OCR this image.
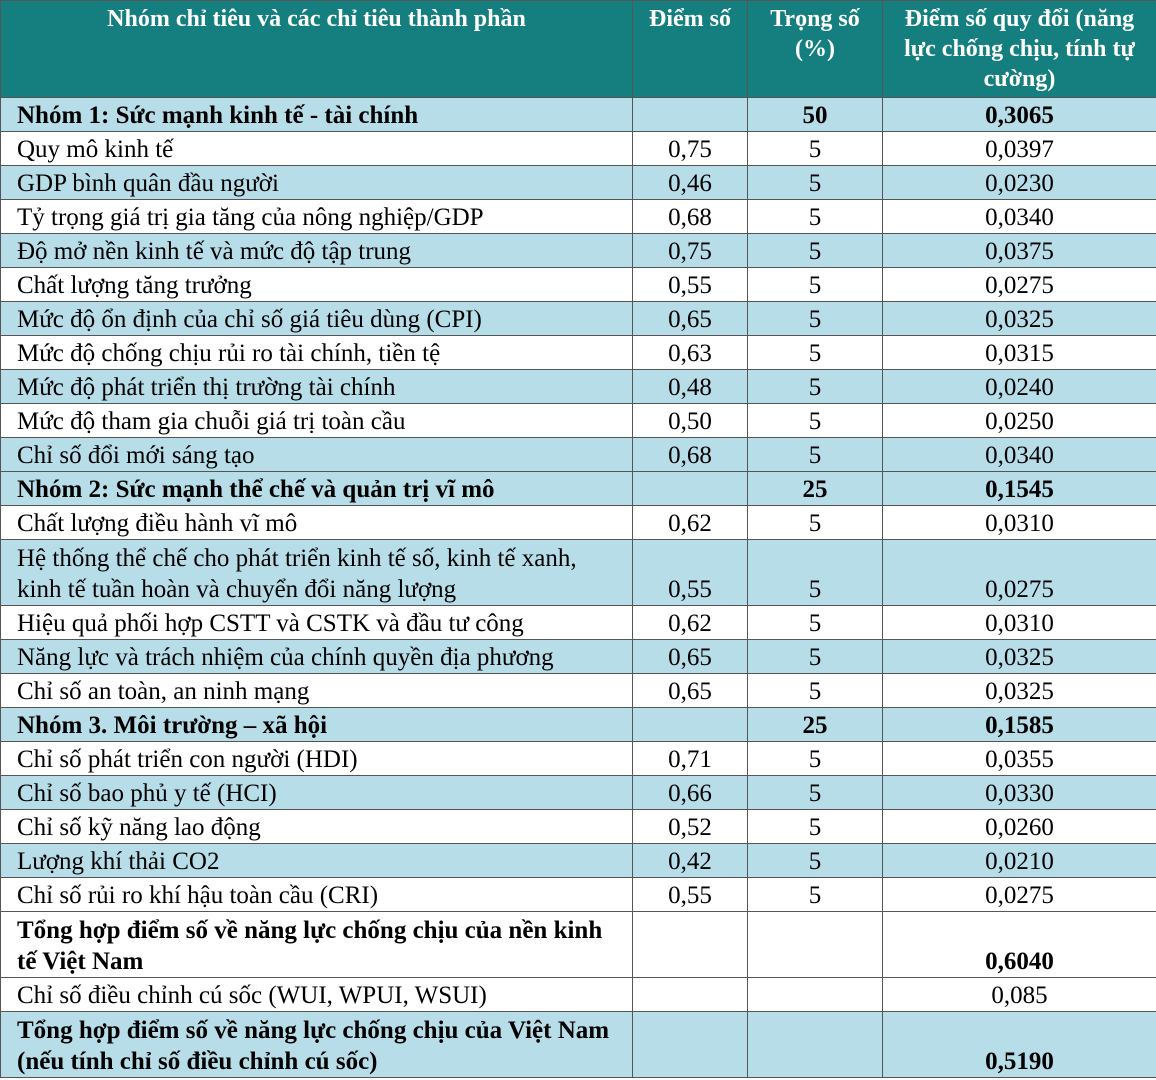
Nhóm chỉ tiêu và các chỉ tiêu thành phần	Điểm số	Trọng số (%)	Điểm số quy đổi (năng lực chống chịu, tính tự cường)
Nhóm 1: Sức mạnh kinh tế - tài chính		50	0,3065
Quy mô kinh tế	0,75	5	0,0397
GDP bình quân đầu người	0,46	5	0,0230
Tỷ trọng giá trị gia tăng của nông nghiệp/GDP	0,68	5	0,0340
Độ mở nền kinh tế và mức độ tập trung	0,75	5	0,0375
Chất lượng tăng trưởng	0,55	5	0,0275
Mức độ ổn định của chỉ số giá tiêu dùng (CPI)	0,65	5	0,0325
Mức độ chống chịu rủi ro tài chính, tiền tệ	0,63	5	0,0315
Mức độ phát triển thị trường tài chính	0,48	5	0,0240
Mức độ tham gia chuỗi giá trị toàn cầu	0,50	5	0,0250
Chỉ số đổi mới sáng tạo	0,68	5	0,0340
Nhóm 2: Sức mạnh thể chế và quản trị vĩ mô		25	0,1545
Chất lượng điều hành vĩ mô	0,62	5	0,0310
Hệ thống thể chế cho phát triển kinh tế số, kinh tế xanh, kinh tế tuần hoàn và chuyển đổi năng lượng	0,55	5	0,0275
Hiệu quả phối hợp CSTT và CSTK và đầu tư công	0,62	5	0,0310
Năng lực và trách nhiệm của chính quyền địa phương	0,65	5	0,0325
Chỉ số an toàn, an ninh mạng	0,65	5	0,0325
Nhóm 3. Môi trường – xã hội		25	0,1585
Chỉ số phát triển con người (HDI)	0,71	5	0,0355
Chỉ số bao phủ y tế (HCI)	0,66	5	0,0330
Chỉ số kỹ năng lao động	0,52	5	0,0260
Lượng khí thải CO2	0,42	5	0,0210
Chỉ số rủi ro khí hậu toàn cầu (CRI)	0,55	5	0,0275
Tổng hợp điểm số về năng lực chống chịu của nền kinh tế Việt Nam			0,6040
Chỉ số điều chỉnh cú sốc (WUI, WPUI, WSUI)			0,085
Tổng hợp điểm số về năng lực chống chịu của Việt Nam (nếu tính chỉ số điều chỉnh cú sốc)			0,5190
